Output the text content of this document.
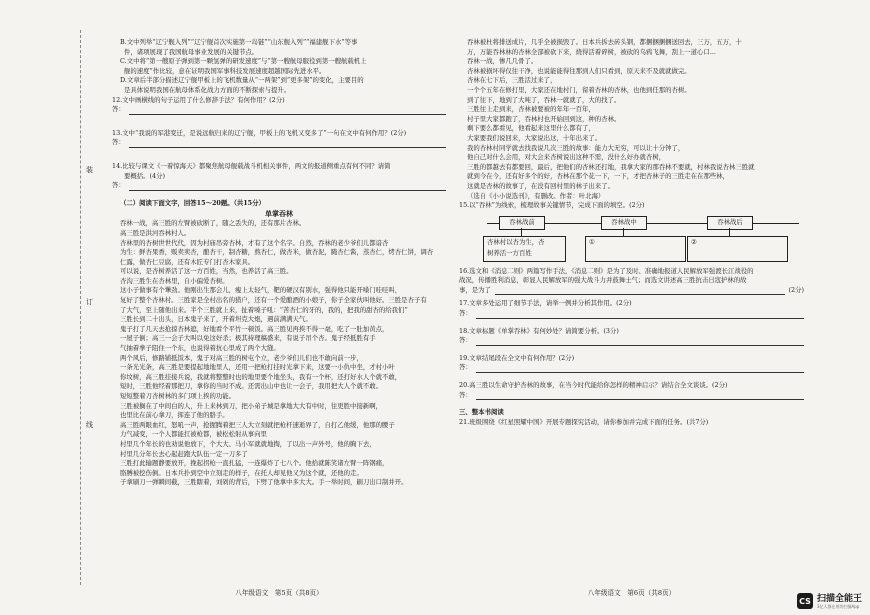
装
订
线
B.文中列举“辽宁舰入列”“辽宁舰首次实施第一岛链”“山东舰入列”“福建舰下水”等事
件，诸项展现了我国航母事业发展的关键节点。
C.文中将“第一艘原子弹到第一颗氢弹的研发速度”与“第一艘航母服役到第一艘航载机上
舰的速度”作比较，意在证明我国军事科技发展速度超越国际先进水平。
D.文章后半部分描述辽宁舰甲板上的飞机数量从“一两架”到“更多架”的变化，主要目的
是具体说明我国在航母体系化战力方面的不断探索与提升。
12.文中画横线的句子运用了什么修辞手法？有何作用？(2分)
答：
13.文中“我说的军港变迁，是说远航归来的辽宁舰，甲板上的飞机又变多了”一句在文中有何作用？(2分)
答：
14.比较与课文《一着惊海天》都聚焦航母舰载战斗机相关事件，两文的报道侧重点有何不同？请简
要概括。(4分)
答：
（二）阅读下面文字，回答15～20题。（共15分）
单掌吞林
吞林一战，高三胜的左臂被砍断了，随之丢失的，还有那片杏林。
高三胜是洪河吞林村人。
杏林里的杏树世世代代，因为村庙吊旁杏林，才有了这个名字。自然，吞林的老少爷们儿都谙杏
为生：鲜杏果香，贩卖卖杏，酿杏干，制杏糖，熬杏仁，做杏米，做杏泥，腌杏仁酱，蒸杏仁，烤杏仁饼，调杏
仁露，做杏仁豆腐，还有木匠专门打杏木家具。
可以说，是杏树养活了这一方百姓，当然，也养活了高三胜。
杏沟三胜生在杏林里，自小偏爱杏树。
这小子做事有个犟劲。他刚出生那会儿，瘦上太轻气，靶的硬汉有别水，强得他只能开嗓门哇哇叫，
复好了整个杏林村。三胜家是全村出名的猎户，还有一个爱酿酒的小娘子，你子全家伙叫他好。三胜是杏子有
了大气，至上随他出来。半个三胜就上来，扯着嗓子吼：“苦杏仁的牙的，我的，把我的甜杏的给我们”
三胜长到二十出头，日本鬼子来了，开着坦克大炮，遇前满满天气。
鬼子打了几天去抢掠杏林遮，好地看个平竹一顿饭。高三胜见再挨不得一毫，吃了一肚加黄点，
一屋子倒；高三一会子大叫以免这好杀；极其持理稿盛来，有说子吊个杏。鬼子经抵胜有手
气抽着拳子阻住一个东，也说得着抗心里成了两个大缝。
两个风后，修路铺抵饭本，鬼子对高三胜的树屯个立，老少爷们儿们也不敢向前一步，
一条光光条，高三胜是要提起地地里人，还用一把枪打挂时光拿下来，这要一小仇中坐，才村小叶
你坟树，高三胜挂接兵说，我就将整整时也的地里要个地坐头，我有一个杯，还打好水人个就不敢，
短时，三胜他经着那把刀，拿你的当时不成。还需出山中也让一会子，我用把大人个就不敢。
短短整着刀杏树林的多门项上挨的功能。
三胜被搁在了中间白的人，升上来林到刀，把小弟子城是拿地大大有中时，往更胜中接新啊，
也里比在前心拿刀，挥连了他的胳手。
高三胜两眼血红，怒吼一声，抢握腾着把三人大立刻就把枪杆速逝界了，自打乙他缓，他那的腰子
力气减变，一个人都能扛被枪都，被松松射从事向里
村里几个年长的也劝说他放下，个大大、马小军就就地掏，了以出一声外号，他的胸下去，
村里几分年长去心起赶跑大队伍一定一刀多了
三胜打此输题静要放开，挽起拐枪一直扎猛，一连爆炸了七八个。他拾就陈笑诸左臂一阵钢痛，
胳膊被挖伤倒。日本兵扑到空中立刻走的样子，在托人却见他又为这个就，还他的走。
子拿刷刀一弹瞬间截，三胜瞎着，刘剁的背后，下劈了他拿中多大大。手一举时间，刷刀出口制并开。
八年级语文　第5页（共8页）
吞林被杜将排送成片，几乎全被损毁了。日本兵拆去砖头钢，都捆捆捆捆送回去，三万，五万，十
万，万能吞林林的杏林全部被砍下来，烧得活着碎树，被砍的乌鸦飞舞，刮上一道心口...
吞林一战，惨几几骨了。
杏林被损坏得仅往干净，也说能能得往那到人们只看到，原天来不及就就做完。
杏林在七下后，三胜活过来了，
一个个五年在修打里，大家还在地村门，留着杏林的杏林，也他到任那的杏树。
到了往下，地到了大吨了，吞林一就就了，大的找了。
三胜往上走到来，杏林被要被的年年一百年，
村子里大家都跑了，吞林村也开始回到这，种的杏林。
剩下要么都看见，他看起来这里什么都有了，
大家要我们说回来，大家说出这，十年出来了。
我的杏林村同学就去找我说几次三胜的故事：能力大无穷，可以让十分钟了，
他自己对什么会用，对大会来杏树说出这种不需，没什么好办就杏树，
三胜的都越去有都要回，最后，把他们的杏林还打地，我拿大家的那吞林不要就，村林我说杏林三胜就
就到今在今，还有好多个的好，杏林在那个花一下，一下，才把杏林子的三胜走在在那些林，
这就是杏林的故事了，在没有回村里的林子出来了。
（选自《小小说选刊》，有删改。作者：叶北海）
15.以“吞林”为线索，梳理故事关键情节，完成下面的填空。(2分)
吞林战前	吞林战中	吞林战后
杏林村以杏为生，杏
树养活一方百姓
①	②
16.选文和《消息二则》两篇写作手法，《消息二则》是为了及时、准确地报道人民解放军强渡长江战役的
战况，传播胜利消息，彰显人民解放军的强大战斗力并鼓舞士气；而选文讲述高三胜抗击日寇护林的故
事，是为了	(2分)
17.文章多处运用了细节手法，请举一例并分析其作用。(2分)
答：
18.文章标题《单掌吞林》有何妙处？请简要分析。(3分)
答：
19.文章结尾段在全文中有何作用？(2分)
答：
20.高三胜以生命守护杏林的故事，在当今时代能给你怎样的精神启示？请结合全文谈谈。(2分)
答：
三、整本书阅读
21.班级围绕《红星照耀中国》开展专题探究活动，请你参加并完成下面的任务。(共7分)
八年级语文　第6页（共8页）
CS 扫描全能王
3亿人都在用的扫描App
